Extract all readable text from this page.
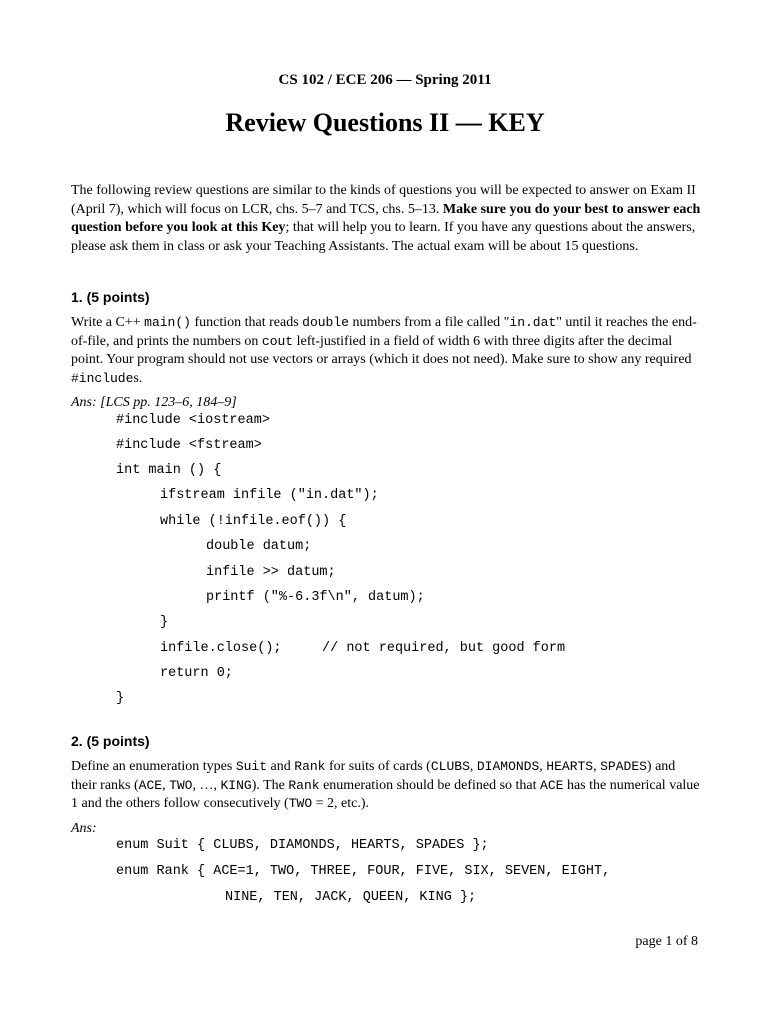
CS 102 / ECE 206 — Spring 2011
Review Questions II — KEY
The following review questions are similar to the kinds of questions you will be expected to answer on Exam II (April 7), which will focus on LCR, chs. 5–7 and TCS, chs. 5–13. Make sure you do your best to answer each question before you look at this Key; that will help you to learn. If you have any questions about the answers, please ask them in class or ask your Teaching Assistants. The actual exam will be about 15 questions.
1. (5 points)
Write a C++ main() function that reads double numbers from a file called "in.dat" until it reaches the end-of-file, and prints the numbers on cout left-justified in a field of width 6 with three digits after the decimal point. Your program should not use vectors or arrays (which it does not need). Make sure to show any required #includes.
Ans: [LCS pp. 123–6, 184–9]
#include <iostream>
#include <fstream>
int main () {
ifstream infile ("in.dat");
while (!infile.eof()) {
double datum;
infile >> datum;
printf ("%-6.3f\n", datum);
}
infile.close();     // not required, but good form
return 0;
}
2. (5 points)
Define an enumeration types Suit and Rank for suits of cards (CLUBS, DIAMONDS, HEARTS, SPADES) and their ranks (ACE, TWO, …, KING). The Rank enumeration should be defined so that ACE has the numerical value 1 and the others follow consecutively (TWO = 2, etc.).
Ans:
enum Suit { CLUBS, DIAMONDS, HEARTS, SPADES };
enum Rank { ACE=1, TWO, THREE, FOUR, FIVE, SIX, SEVEN, EIGHT,
NINE, TEN, JACK, QUEEN, KING };
page 1 of 8
